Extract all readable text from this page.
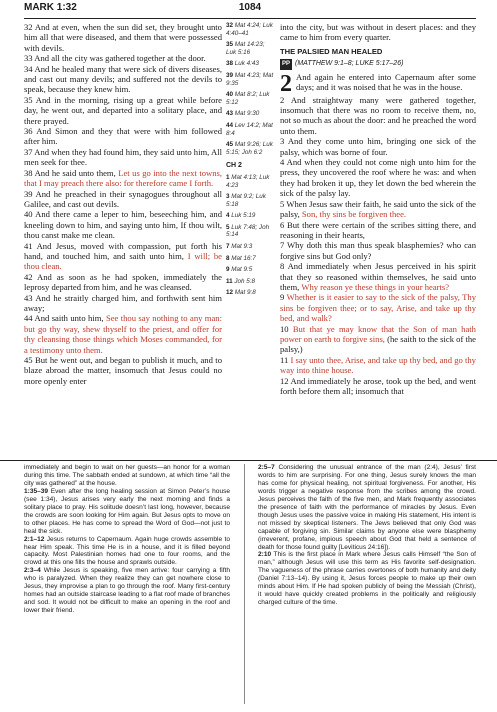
MARK 1:32	1084

32 And at even, when the sun did set, they brought unto him all that were diseased, and them that were possessed with devils.

33 And all the city was gathered together at the door.

34 And he healed many that were sick of divers diseases, and cast out many devils; and suffered not the devils to speak, because they knew him.

35 And in the morning, rising up a great while before day, he went out, and departed into a solitary place, and there prayed.

36 And Simon and they that were with him followed after him.

37 And when they had found him, they said unto him, All men seek for thee.

38 And he said unto them, Let us go into the next towns, that I may preach there also: for therefore came I forth.

39 And he preached in their synagogues throughout all Galilee, and cast out devils.

40 And there came a leper to him, beseeching him, and kneeling down to him, and saying unto him, If thou wilt, thou canst make me clean.

41 And Jesus, moved with compassion, put forth his hand, and touched him, and saith unto him, I will; be thou clean.

42 And as soon as he had spoken, immediately the leprosy departed from him, and he was cleansed.

43 And he straitly charged him, and forthwith sent him away;

44 And saith unto him, See thou say nothing to any man: but go thy way, shew thyself to the priest, and offer for thy cleansing those things which Moses commanded, for a testimony unto them.

45 But he went out, and began to publish it much, and to blaze abroad the matter, insomuch that Jesus could no more openly enter

32 Mat 4:24; Luk 4:40–41
35 Mat 14:23; Luk 5:16
38 Luk 4:43
39 Mat 4:23; Mat 9:35
40 Mat 8:2; Luk 5:12
43 Mat 9:30
44 Lev 14:2; Mat 8:4
45 Mat 9:26; Luk 5:15; Joh 6:2
CH 2
1 Mat 4:13; Luk 4:23
3 Mat 9:2; Luk 5:18
4 Luk 5:19
5 Luk 7:48; Joh 5:14
7 Mat 9:3
8 Mat 16:7
9 Mat 9:5
11 Joh 5:8
12 Mat 9:8

into the city, but was without in desert places: and they came to him from every quarter.

THE PALSIED MAN HEALED
PP (MATTHEW 9:1–8; LUKE 5:17–26)

2 And again he entered into Capernaum after some days; and it was noised that he was in the house.

2 And straightway many were gathered together, insomuch that there was no room to receive them, no, not so much as about the door: and he preached the word unto them.

3 And they come unto him, bringing one sick of the palsy, which was borne of four.

4 And when they could not come nigh unto him for the press, they uncovered the roof where he was: and when they had broken it up, they let down the bed wherein the sick of the palsy lay.

5 When Jesus saw their faith, he said unto the sick of the palsy, Son, thy sins be forgiven thee.

6 But there were certain of the scribes sitting there, and reasoning in their hearts,

7 Why doth this man thus speak blasphemies? who can forgive sins but God only?

8 And immediately when Jesus perceived in his spirit that they so reasoned within themselves, he said unto them, Why reason ye these things in your hearts?

9 Whether is it easier to say to the sick of the palsy, Thy sins be forgiven thee; or to say, Arise, and take up thy bed, and walk?

10 But that ye may know that the Son of man hath power on earth to forgive sins, (he saith to the sick of the palsy,)

11 I say unto thee, Arise, and take up thy bed, and go thy way into thine house.

12 And immediately he arose, took up the bed, and went forth before them all; insomuch that

immediately and begin to wait on her guests—an honor for a woman during this time. The sabbath ended at sundown, at which time “all the city was gathered” at the house.

1:35–39 Even after the long healing session at Simon Peter’s house (see 1:34), Jesus arises very early the next morning and finds a solitary place to pray. His solitude doesn’t last long, however, because the crowds are soon looking for Him again. But Jesus opts to move on to other places. He has come to spread the Word of God—not just to heal the sick.

2:1–12 Jesus returns to Capernaum. Again huge crowds assemble to hear Him speak. This time He is in a house, and it is filled beyond capacity. Most Palestinian homes had one to four rooms, and the crowd at this one fills the house and sprawls outside.

2:3–4 While Jesus is speaking, five men arrive: four carrying a fifth who is paralyzed. When they realize they can get nowhere close to Jesus, they improvise a plan to go through the roof. Many first-century homes had an outside staircase leading to a flat roof made of branches and sod. It would not be difficult to make an opening in the roof and lower their friend.

2:5–7 Considering the unusual entrance of the man (2:4), Jesus’ first words to him are surprising. For one thing, Jesus surely knows the man has come for physical healing, not spiritual forgiveness. For another, His words trigger a negative response from the scribes among the crowd. Jesus perceives the faith of the five men, and Mark frequently associates the presence of faith with the performance of miracles by Jesus. Even though Jesus uses the passive voice in making His statement, His intent is not missed by skeptical listeners. The Jews believed that only God was capable of forgiving sin. Similar claims by anyone else were blasphemy (irreverent, profane, impious speech about God that held a sentence of death for those found guilty [Leviticus 24:16]).

2:10 This is the first place in Mark where Jesus calls Himself “the Son of man,” although Jesus will use this term as His favorite self-designation. The vagueness of the phrase carries overtones of both humanity and deity (Daniel 7:13–14). By using it, Jesus forces people to make up their own minds about Him. If He had spoken publicly of being the Messiah (Christ), it would have quickly created problems in the politically and religiously charged culture of the time.
